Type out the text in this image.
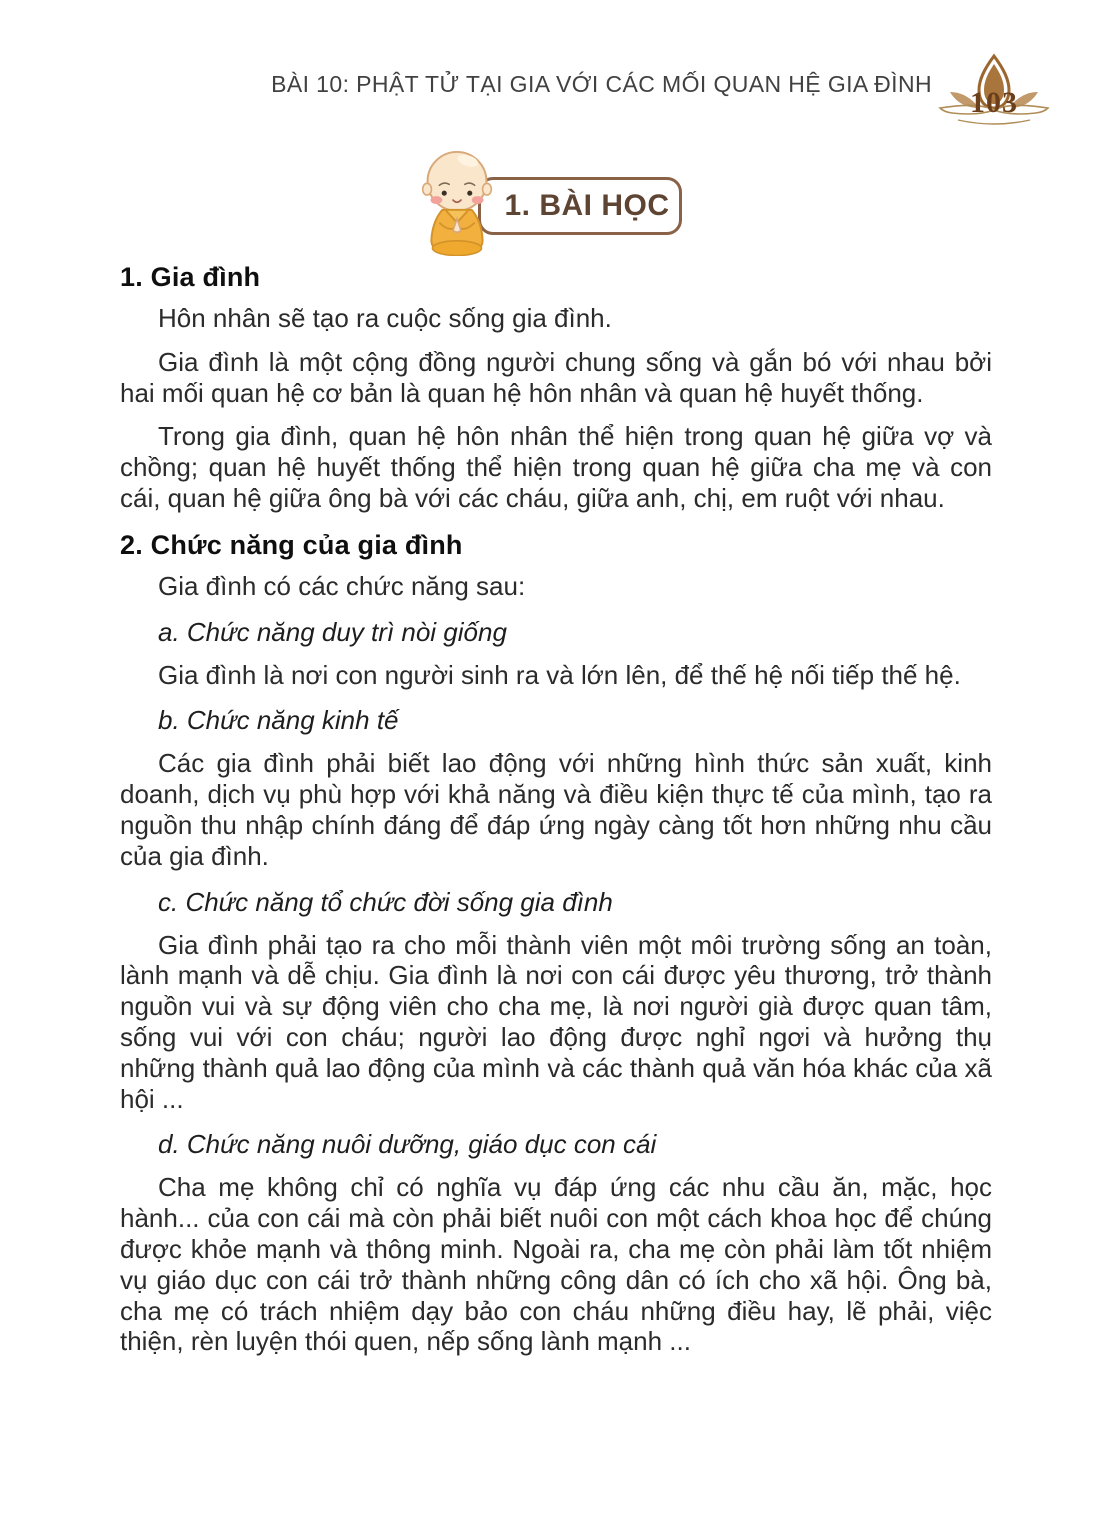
BÀI 10: PHẬT TỬ TẠI GIA VỚI CÁC MỐI QUAN HỆ GIA ĐÌNH
103
1. BÀI HỌC
1. Gia đình

Hôn nhân sẽ tạo ra cuộc sống gia đình.

Gia đình là một cộng đồng người chung sống và gắn bó với nhau bởi hai mối quan hệ cơ bản là quan hệ hôn nhân và quan hệ huyết thống.

Trong gia đình, quan hệ hôn nhân thể hiện trong quan hệ giữa vợ và chồng; quan hệ huyết thống thể hiện trong quan hệ giữa cha mẹ và con cái, quan hệ giữa ông bà với các cháu, giữa anh, chị, em ruột với nhau.

2. Chức năng của gia đình

Gia đình có các chức năng sau:

a. Chức năng duy trì nòi giống

Gia đình là nơi con người sinh ra và lớn lên, để thế hệ nối tiếp thế hệ.

b. Chức năng kinh tế

Các gia đình phải biết lao động với những hình thức sản xuất, kinh doanh, dịch vụ phù hợp với khả năng và điều kiện thực tế của mình, tạo ra nguồn thu nhập chính đáng để đáp ứng ngày càng tốt hơn những nhu cầu của gia đình.

c. Chức năng tổ chức đời sống gia đình

Gia đình phải tạo ra cho mỗi thành viên một môi trường sống an toàn, lành mạnh và dễ chịu. Gia đình là nơi con cái được yêu thương, trở thành nguồn vui và sự động viên cho cha mẹ, là nơi người già được quan tâm, sống vui với con cháu; người lao động được nghỉ ngơi và hưởng thụ những thành quả lao động của mình và các thành quả văn hóa khác của xã hội ...

d. Chức năng nuôi dưỡng, giáo dục con cái

Cha mẹ không chỉ có nghĩa vụ đáp ứng các nhu cầu ăn, mặc, học hành... của con cái mà còn phải biết nuôi con một cách khoa học để chúng được khỏe mạnh và thông minh. Ngoài ra, cha mẹ còn phải làm tốt nhiệm vụ giáo dục con cái trở thành những công dân có ích cho xã hội. Ông bà, cha mẹ có trách nhiệm dạy bảo con cháu những điều hay, lẽ phải, việc thiện, rèn luyện thói quen, nếp sống lành mạnh ...
